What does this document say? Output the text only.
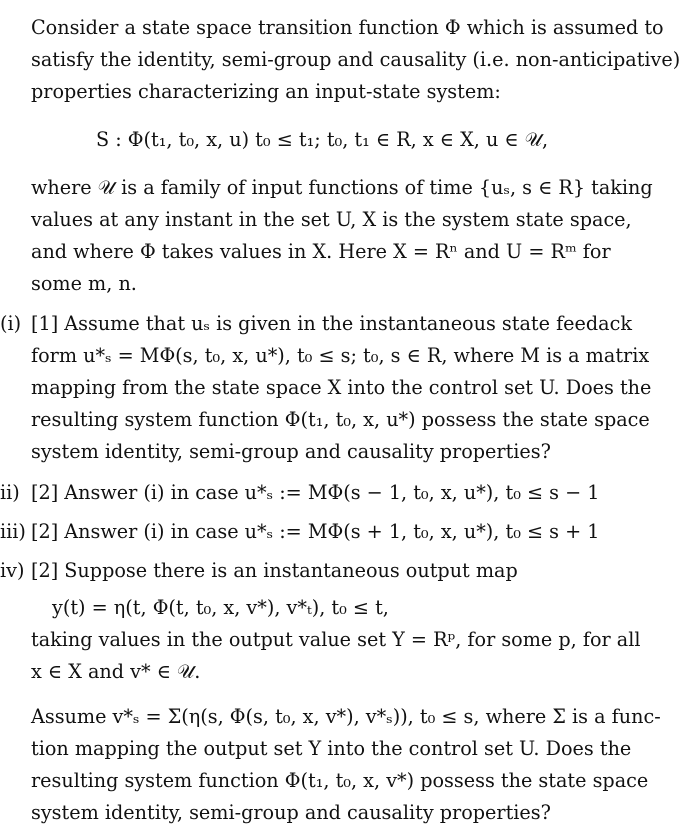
Consider a state space transition function Φ which is assumed to
satisfy the identity, semi-group and causality (i.e. non-anticipative)
properties characterizing an input-state system:
S : Φ(t₁, t₀, x, u) t₀ ≤ t₁; t₀, t₁ ∈ R, x ∈ X, u ∈ 𝒰,
where 𝒰 is a family of input functions of time {uₛ, s ∈ R} taking
values at any instant in the set U, X is the system state space,
and where Φ takes values in X. Here X = Rⁿ and U = Rᵐ for
some m, n.
(i) [1] Assume that uₛ is given in the instantaneous state feedack
form u*ₛ = MΦ(s, t₀, x, u*), t₀ ≤ s; t₀, s ∈ R, where M is a matrix
mapping from the state space X into the control set U. Does the
resulting system function Φ(t₁, t₀, x, u*) possess the state space
system identity, semi-group and causality properties?
ii) [2] Answer (i) in case u*ₛ := MΦ(s − 1, t₀, x, u*), t₀ ≤ s − 1
iii) [2] Answer (i) in case u*ₛ := MΦ(s + 1, t₀, x, u*), t₀ ≤ s + 1
iv) [2] Suppose there is an instantaneous output map
y(t) = η(t, Φ(t, t₀, x, v*), v*ₜ), t₀ ≤ t,
taking values in the output value set Y = Rᵖ, for some p, for all
x ∈ X and v* ∈ 𝒰.
Assume v*ₛ = Σ(η(s, Φ(s, t₀, x, v*), v*ₛ)), t₀ ≤ s, where Σ is a func-
tion mapping the output set Y into the control set U. Does the
resulting system function Φ(t₁, t₀, x, v*) possess the state space
system identity, semi-group and causality properties?
